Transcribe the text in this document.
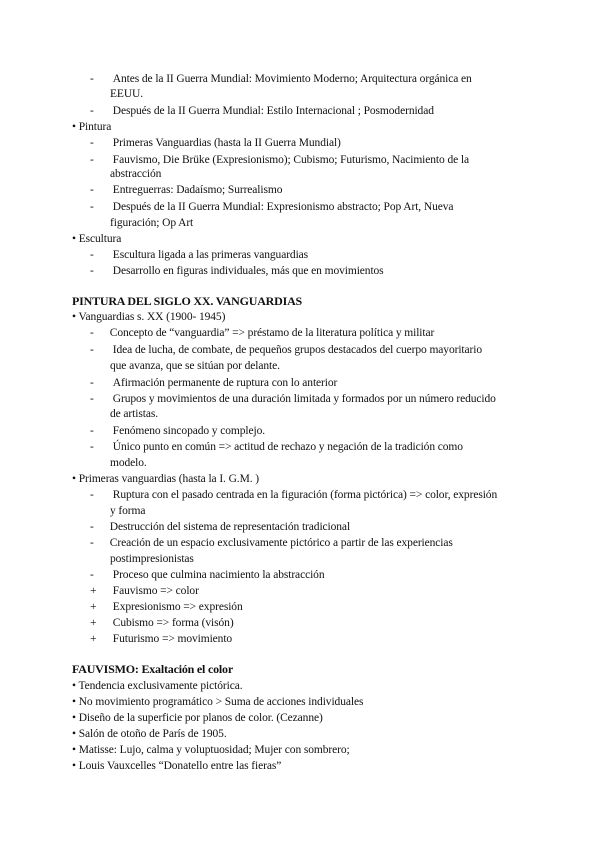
- Antes de la II Guerra Mundial: Movimiento Moderno; Arquitectura orgánica en
EEUU.
- Después de la II Guerra Mundial: Estilo Internacional ; Posmodernidad
• Pintura
- Primeras Vanguardias (hasta la II Guerra Mundial)
- Fauvismo, Die Brüke (Expresionismo); Cubismo; Futurismo, Nacimiento de la
abstracción
- Entreguerras: Dadaísmo; Surrealismo
- Después de la II Guerra Mundial: Expresionismo abstracto; Pop Art, Nueva
figuración; Op Art
• Escultura
- Escultura ligada a las primeras vanguardias
- Desarrollo en figuras individuales, más que en movimientos
PINTURA DEL SIGLO XX. VANGUARDIAS
• Vanguardias s. XX (1900- 1945)
- Concepto de “vanguardia” => préstamo de la literatura política y militar
- Idea de lucha, de combate, de pequeños grupos destacados del cuerpo mayoritario
que avanza, que se sitúan por delante.
- Afirmación permanente de ruptura con lo anterior
- Grupos y movimientos de una duración limitada y formados por un número reducido
de artistas.
- Fenómeno sincopado y complejo.
- Único punto en común => actitud de rechazo y negación de la tradición como
modelo.
• Primeras vanguardias (hasta la I. G.M. )
- Ruptura con el pasado centrada en la figuración (forma pictórica) => color, expresión
y forma
- Destrucción del sistema de representación tradicional
- Creación de un espacio exclusivamente pictórico a partir de las experiencias
postimpresionistas
- Proceso que culmina nacimiento la abstracción
+ Fauvismo => color
+ Expresionismo => expresión
+ Cubismo => forma (visón)
+ Futurismo => movimiento
FAUVISMO: Exaltación el color
• Tendencia exclusivamente pictórica.
• No movimiento programático > Suma de acciones individuales
• Diseño de la superficie por planos de color. (Cezanne)
• Salón de otoño de París de 1905.
• Matisse: Lujo, calma y voluptuosidad; Mujer con sombrero;
• Louis Vauxcelles “Donatello entre las fieras”
